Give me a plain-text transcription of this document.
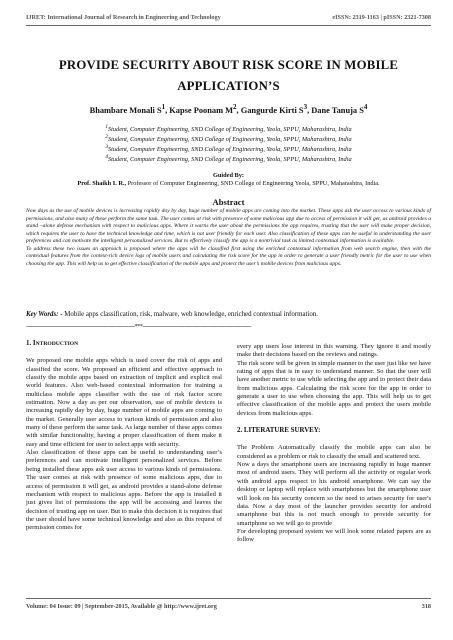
IJRET: International Journal of Research in Engineering and Technology	eISSN: 2319-1163 | pISSN: 2321-7308
PROVIDE SECURITY ABOUT RISK SCORE IN MOBILE
APPLICATION’S
Bhambare Monali $S^1$, Kapse Poonam $M^2$, Gangurde Kirti $S^3$, Dane Tanuja $S^4$
$^1$Student, Computer Engineering, SND College of Engineering, Yeola, SPPU, Maharashtra, India
$^2$Student, Computer Engineering, SND College of Engineering, Yeola, SPPU, Maharashtra, India
$^3$Student, Computer Engineering, SND College of Engineering, Yeola, SPPU, Maharashtra, India
$^4$Student, Computer Engineering, SND College of Engineering, Yeola, SPPU, Maharashtra, India
Guided By:
Prof. Shaikh I. R., Professor of Computer Engineering, SND College of Engineering Yeola, SPPU, Maharashtra, India.
Abstract

Now days as the use of mobile devices is increasing rapidly day by day, huge number of mobile apps are coming into the market. These apps ask the user access to various kinds of permissions, and also many of these perform the same task. The user comes at risk with presence of some malicious app due to access of permission it will get, as android provides a stand –alone defense mechanism with respect to malicious apps. Where it warns the user about the permissions the app requires, trusting that the user will make proper decision, which requires the user to have the technical knowledge and time, which is not user friendly for each user. Also classification of these apps can be useful in understanding the user preferences and can motivate the intelligent personalized services. But to effectively classify the app is a nontrivial task as limited contextual information is available.

To address these two issues an approach is proposed where the apps will be classified first using the enriched contextual information from web search engine, then with the contextual features from the context-rich device logs of mobile users and calculating the risk score for the app in order to generate a user friendly metric for the user to use when choosing the app. This will help us to get effective classification of the mobile apps and protect the user’s mobile devices from malicious apps.

Key Words: - Mobile apps classification, risk, malware, web knowledge, enriched contextual information.
--------------------------------------------------------------------***--------------------------------------------------------------------
1. INTRODUCTION

We proposed one mobile apps which is used cover the risk of apps and classified the score. We proposed an efficient and effective approach to classify the mobile apps based on extraction of implicit and explicit real world features. Also web-based contextual information for training a multiclass mobile apps classifier with the use of risk factor score estimation. Now a day as per our observation, use of mobile devices is increasing rapidly day by day, huge number of mobile apps are coming to the market. Generally user access to various kinds of permission and also many of these perform the same task. As large number of these apps comes with similar functionality, having a proper classification of them make it easy and time efficient for user to select apps with security.

Also classification of these apps can be useful to understanding user’s preferences and can motivate intelligent personalized services. Before being installed these apps ask user access to various kinds of permissions. The user comes at risk with presence of some malicious apps, due to access of permission it will get, as android provides a stand-alone defense mechanism with respect to malicious apps. Before the app is installed it just gives list of permissions the app will be accessing and leaves the decision of trusting app on user. But to make this decision it is requires that the user should have some technical knowledge and also as this request of permission comes for

every app users lose interest in this warning. They ignore it and mostly make their decisions based on the reviews and ratings.

The risk score will be given in simple manner to the user just like we have rating of apps that is in easy to understand manner. So that the user will have another metric to use while selecting the app and to protect their data from malicious apps. Calculating the risk score for the app in order to generate a user to use when choosing the app. This will help us to get effective classification of the mobile apps and protect the users mobile devices from malicious apps.

2. LITERATURE SURVEY:

The Problem Automatically classify the mobile apps can also be considered as a problem or risk to classify the small and scattered text.

Now a days the smartphone users are increasing rapidly in huge manner most of android users. They will perform all the activity or regular work with android apps respect to his android smartphone. We can say the desktop or laptop will replace with smartphones but the smartphone user will look on his security concern so the need to arises security for user's data. Now a day most of the launcher provides security for android smartphone but this is not much enough to provide security for smartphone so we will go to provide

For developing proposed system we will look some related papers are as follow

Volume: 04 Issue: 09 | September-2015, Available @ http://www.ijret.org	318
